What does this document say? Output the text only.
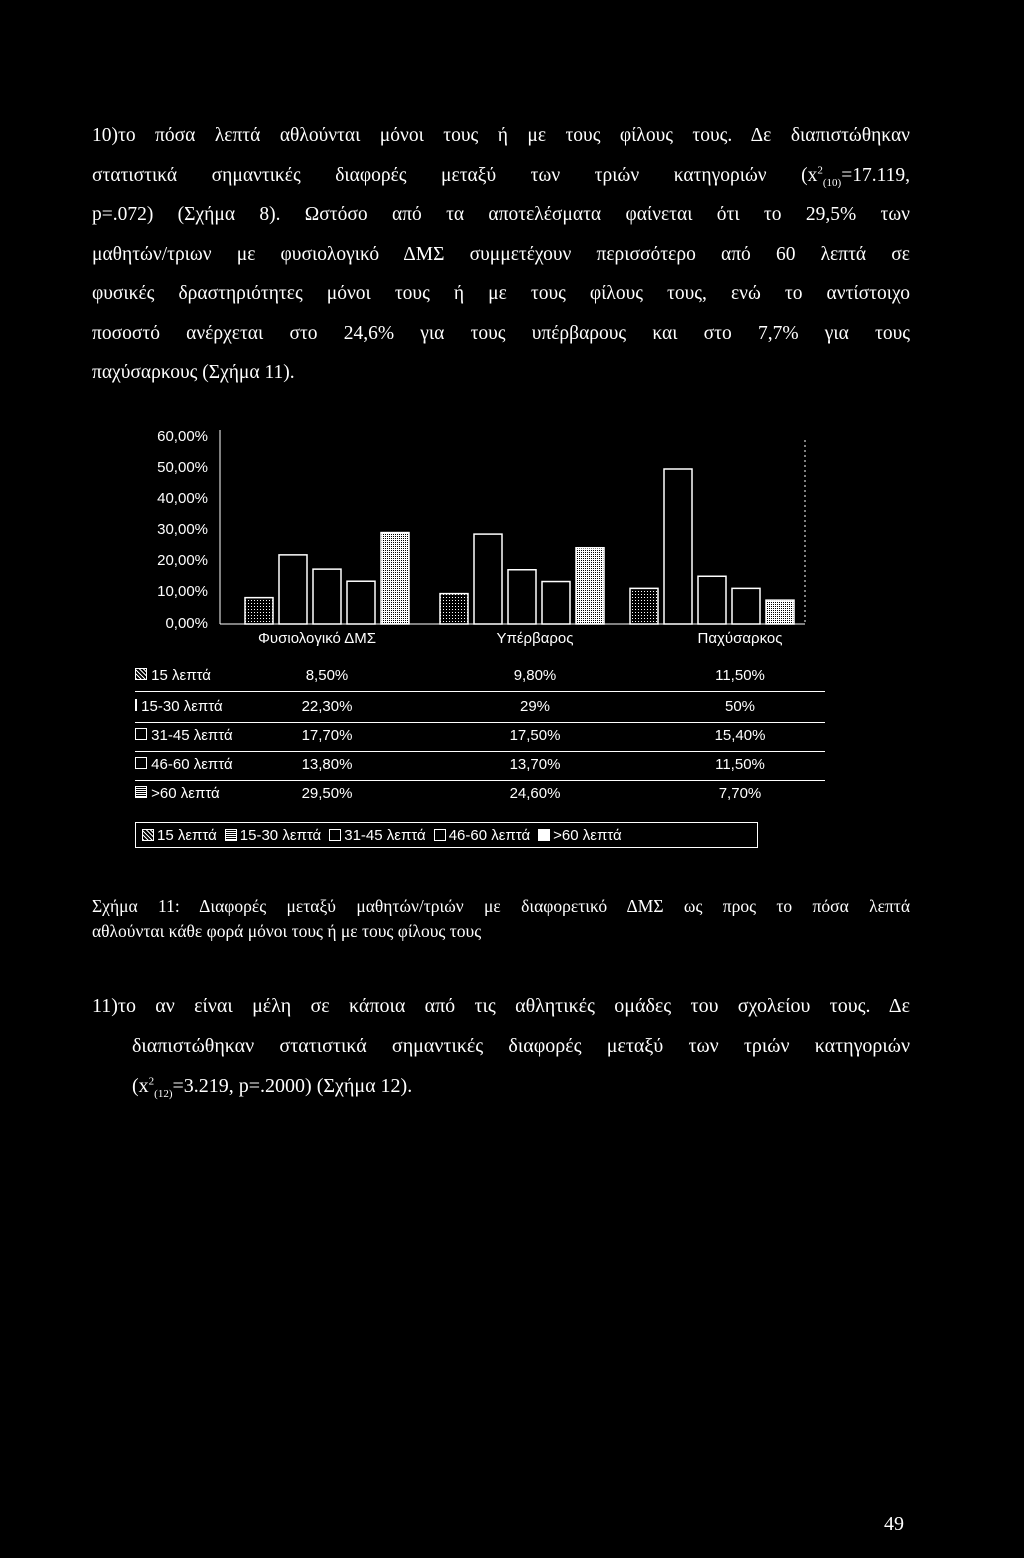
10)το πόσα λεπτά αθλούνται μόνοι τους ή με τους φίλους τους. Δε διαπιστώθηκαν

στατιστικά σημαντικές διαφορές μεταξύ των τριών κατηγοριών ($x^2_{(10)}=17.119$,

p=.072) (Σχήμα 8). Ωστόσο από τα αποτελέσματα φαίνεται ότι το 29,5% των

μαθητών/τριων με φυσιολογικό ΔΜΣ συμμετέχουν περισσότερο από 60 λεπτά σε

φυσικές δραστηριότητες μόνοι τους ή με τους φίλους τους, ενώ το αντίστοιχο

ποσοστό ανέρχεται στο 24,6% για τους υπέρβαρους και στο 7,7% για τους

παχύσαρκους (Σχήμα 11).

60,00%
50,00%
40,00%
30,00%
20,00%
10,00%
0,00%
Φυσιολογικό ΔΜΣ	Υπέρβαρος	Παχύσαρκος
15 λεπτά	8,50%	9,80%	11,50%
15-30 λεπτά	22,30%	29%	50%
31-45 λεπτά	17,70%	17,50%	15,40%
46-60 λεπτά	13,80%	13,70%	11,50%
>60 λεπτά	29,50%	24,60%	7,70%
15 λεπτά 15-30 λεπτά 31-45 λεπτά 46-60 λεπτά >60 λεπτά

Σχήμα 11: Διαφορές μεταξύ μαθητών/τριών με διαφορετικό ΔΜΣ ως προς το πόσα λεπτά

αθλούνται κάθε φορά μόνοι τους ή με τους φίλους τους

11)το αν είναι μέλη σε κάποια από τις αθλητικές ομάδες του σχολείου τους. Δε

διαπιστώθηκαν στατιστικά σημαντικές διαφορές μεταξύ των τριών κατηγοριών

($x^2_{(12)}=3.219$, p=.2000) (Σχήμα 12).

49
